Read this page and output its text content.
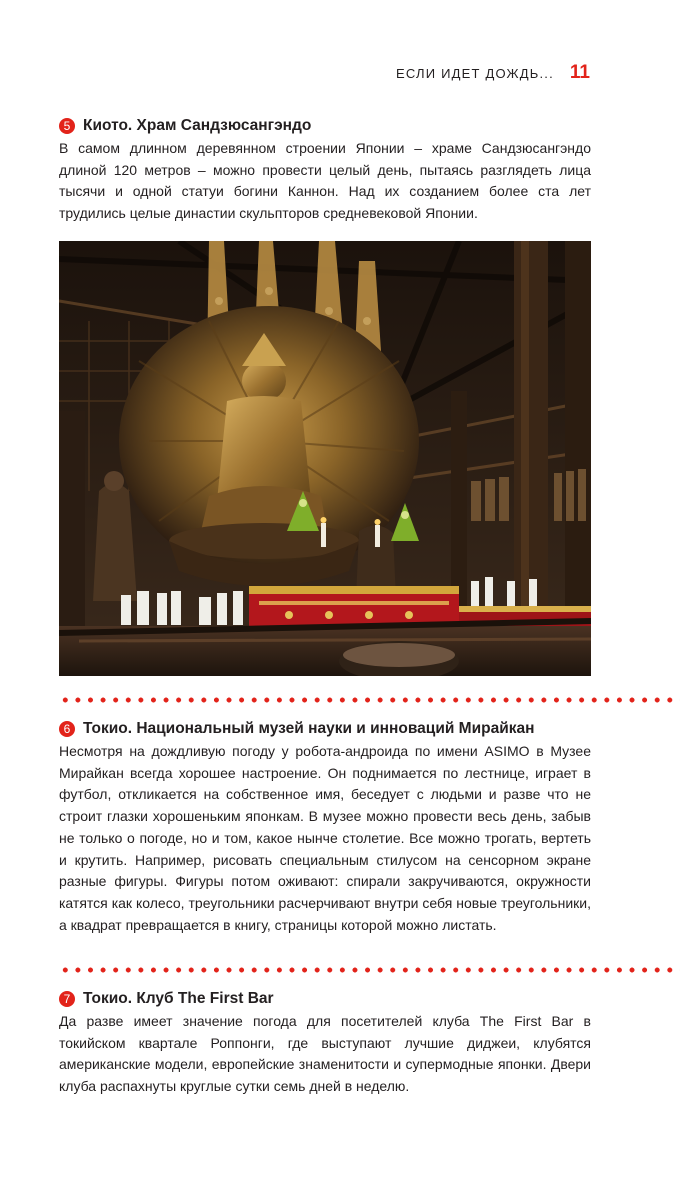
ЕСЛИ ИДЕТ ДОЖДЬ... 11
5 Киото. Храм Сандзюсангэндо

В самом длинном деревянном строении Японии – храме Сандзюсангэндо длиной 120 метров – можно провести целый день, пытаясь разглядеть лица тысячи и одной статуи богини Каннон. Над их созданием более ста лет трудились целые династии скульпторов средневековой Японии.

6 Токио. Национальный музей науки и инноваций Мирайкан

Несмотря на дождливую погоду у робота-андроида по имени ASIMO в Музее Мирайкан всегда хорошее настроение. Он поднимается по лестнице, играет в футбол, откликается на собственное имя, беседует с людьми и разве что не строит глазки хорошеньким японкам. В музее можно провести весь день, забыв не только о погоде, но и том, какое нынче столетие. Все можно трогать, вертеть и крутить. Например, рисовать специальным стилусом на сенсорном экране разные фигуры. Фигуры потом оживают: спирали закручиваются, окружности катятся как колесо, треугольники расчерчивают внутри себя новые треугольники, а квадрат превращается в книгу, страницы которой можно листать.

7 Токио. Клуб The First Bar

Да разве имеет значение погода для посетителей клуба The First Bar в токийском квартале Роппонги, где выступают лучшие диджеи, клубятся американские модели, европейские знаменитости и супермодные японки. Двери клуба распахнуты круглые сутки семь дней в неделю.
